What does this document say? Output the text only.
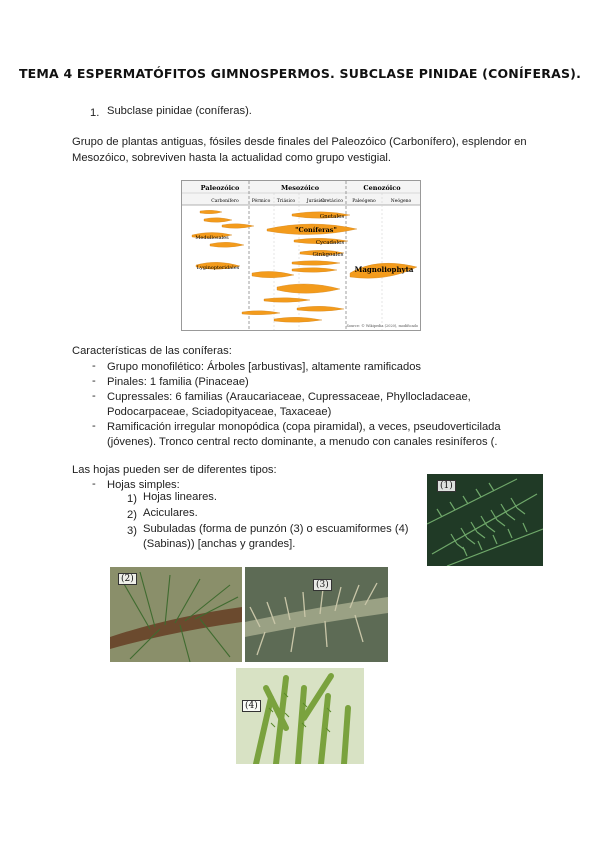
TEMA 4 ESPERMATÓFITOS GIMNOSPERMOS. SUBCLASE PINIDAE (CONÍFERAS).
1. Subclase pinidae (coníferas).
Grupo de plantas antiguas, fósiles desde finales del Paleozóico (Carbonífero), esplendor en
Mesozóico, sobreviven hasta la actualidad como grupo vestigial.
Paleozóico	Mesozóico	Cenozóico
Carbonífero	Pérmico Triásico	Jurásico
Cretácico Paleógeno	Neógeno
Gnetales
"Coníferas"
Cycadales
Ginkgoales
Medullosales
Lyginopteridales	Magnoliophyta
Source: © Wikipedia (2020), modificado
Características de las coníferas:
- Grupo monofilético: Árboles [arbustivas], altamente ramificados
- Pinales: 1 familia (Pinaceae)
- Cupressales: 6 familias (Araucariaceae, Cupressaceae, Phyllocladaceae,
Podocarpaceae, Sciadopityaceae, Taxaceae)
- Ramificación irregular monopódica (copa piramidal), a veces, pseudoverticilada
(jóvenes). Tronco central recto dominante, a menudo con canales resiníferos (.
Las hojas pueden ser de diferentes tipos:
- Hojas simples:
1) Hojas lineares.
2) Aciculares.
3) Subuladas (forma de punzón (3) o escuamiformes (4)
(Sabinas)) [anchas y grandes].
(1)
(2)
(3)
(4)
